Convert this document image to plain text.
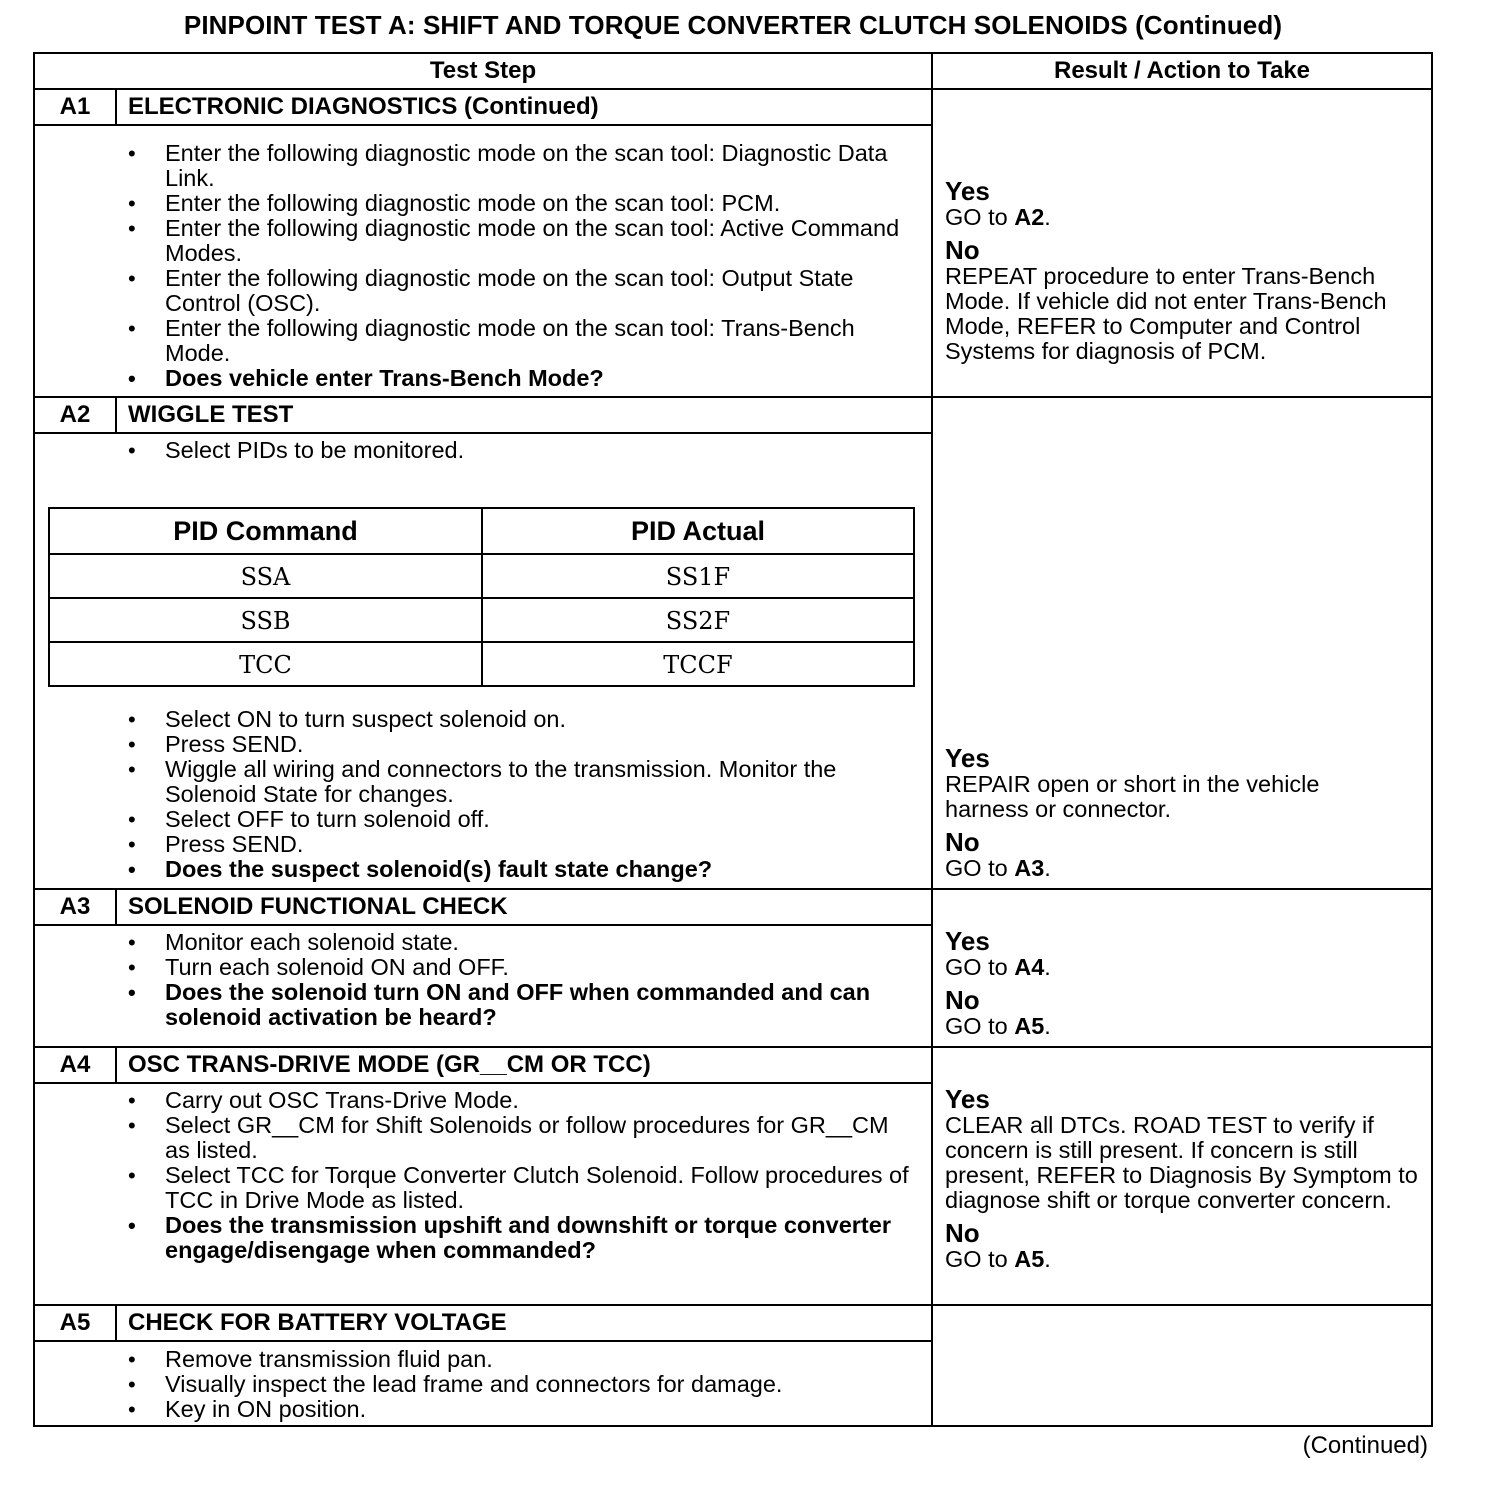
PINPOINT TEST A: SHIFT AND TORQUE CONVERTER CLUTCH SOLENOIDS (Continued)
Test Step	Result / Action to Take
A1	ELECTRONIC DIAGNOSTICS (Continued)
• Enter the following diagnostic mode on the scan tool: Diagnostic Data Link.
• Enter the following diagnostic mode on the scan tool: PCM.
• Enter the following diagnostic mode on the scan tool: Active Command Modes.
• Enter the following diagnostic mode on the scan tool: Output State Control (OSC).
• Enter the following diagnostic mode on the scan tool: Trans-Bench Mode.
• Does vehicle enter Trans-Bench Mode?
Yes
GO to A2.
No
REPEAT procedure to enter Trans-Bench Mode. If vehicle did not enter Trans-Bench Mode, REFER to Computer and Control Systems for diagnosis of PCM.
A2	WIGGLE TEST
• Select PIDs to be monitored.
PID Command	PID Actual
SSA	SS1F
SSB	SS2F
TCC	TCCF
• Select ON to turn suspect solenoid on.
• Press SEND.
• Wiggle all wiring and connectors to the transmission. Monitor the Solenoid State for changes.
• Select OFF to turn solenoid off.
• Press SEND.
• Does the suspect solenoid(s) fault state change?
Yes
REPAIR open or short in the vehicle harness or connector.
No
GO to A3.
A3	SOLENOID FUNCTIONAL CHECK
• Monitor each solenoid state.
• Turn each solenoid ON and OFF.
• Does the solenoid turn ON and OFF when commanded and can solenoid activation be heard?
Yes
GO to A4.
No
GO to A5.
A4	OSC TRANS-DRIVE MODE (GR__CM OR TCC)
• Carry out OSC Trans-Drive Mode.
• Select GR__CM for Shift Solenoids or follow procedures for GR__CM as listed.
• Select TCC for Torque Converter Clutch Solenoid. Follow procedures of TCC in Drive Mode as listed.
• Does the transmission upshift and downshift or torque converter engage/disengage when commanded?
Yes
CLEAR all DTCs. ROAD TEST to verify if concern is still present. If concern is still present, REFER to Diagnosis By Symptom to diagnose shift or torque converter concern.
No
GO to A5.
A5	CHECK FOR BATTERY VOLTAGE
• Remove transmission fluid pan.
• Visually inspect the lead frame and connectors for damage.
• Key in ON position.
(Continued)
